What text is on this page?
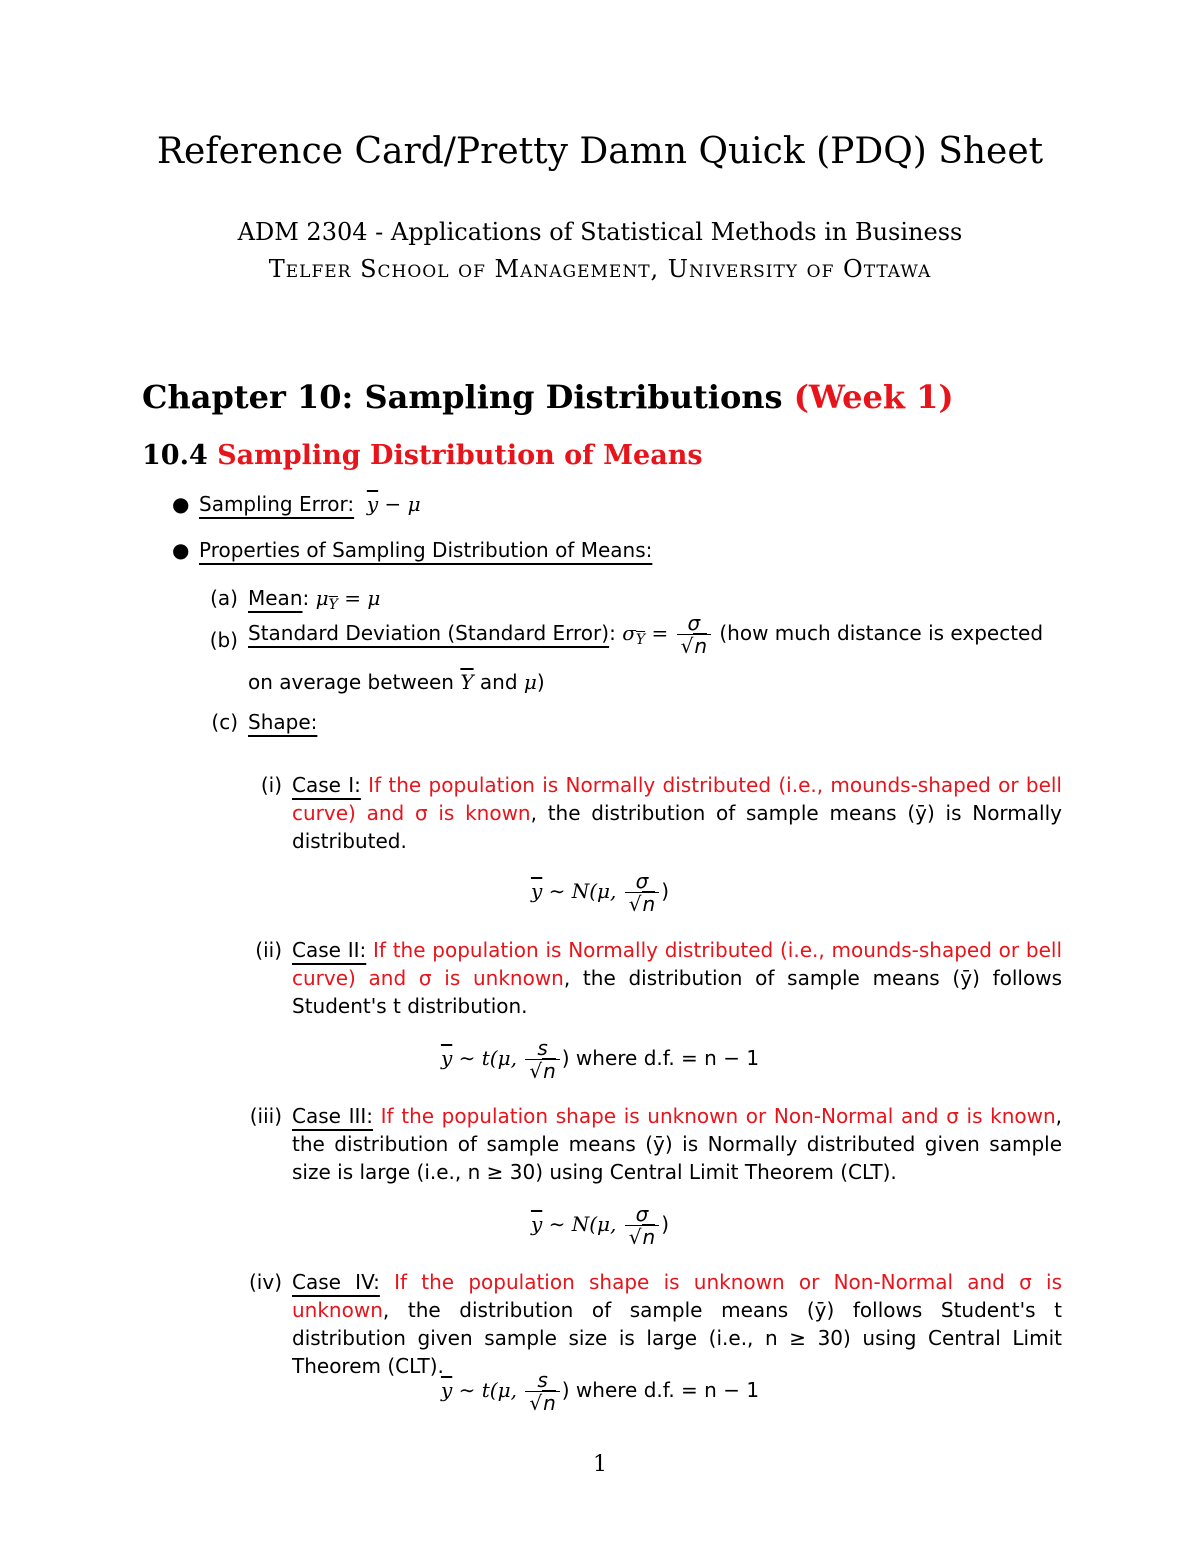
Reference Card/Pretty Damn Quick (PDQ) Sheet
ADM 2304 - Applications of Statistical Methods in Business
Telfer School of Management, University of Ottawa
Chapter 10: Sampling Distributions (Week 1)
10.4 Sampling Distribution of Means
● Sampling Error: $\overline{y} - \mu$
● Properties of Sampling Distribution of Means:
(a) Mean: $\mu_{\overline{Y}} = \mu$
(b) Standard Deviation (Standard Error): $\sigma_{\overline{Y}} = \frac{\sigma}{√n} (how$ much distance is expected
on average between $\overline{Y}$ and μ)
(c) Shape:
(i) Case I: If the population is Normally distributed (i.e., mounds-shaped or bell curve) and σ is known, the distribution of sample means (ȳ) is Normally distributed.
$\overline{y}$ ∼ N(μ, $\frac{\sigma}{√n}$ )
(ii) Case II: If the population is Normally distributed (i.e., mounds-shaped or bell curve) and σ is unknown, the distribution of sample means (ȳ) follows Student's t distribution.
$\overline{y}$ ∼ t(μ, $\frac{s}{√n}$ ) where d.f. = n − 1
(iii) Case III: If the population shape is unknown or Non-Normal and σ is known, the distribution of sample means (ȳ) is Normally distributed given sample size is large (i.e., n ≥ 30) using Central Limit Theorem (CLT).
$\overline{y}$ ∼ N(μ, $\frac{\sigma}{√n}$ )
(iv) Case IV: If the population shape is unknown or Non-Normal and σ is unknown, the distribution of sample means (ȳ) follows Student's t distribution given sample size is large (i.e., n ≥ 30) using Central Limit Theorem (CLT).
$\overline{y}$ ∼ t(μ, $\frac{s}{√n}$ ) where d.f. = n − 1
1
